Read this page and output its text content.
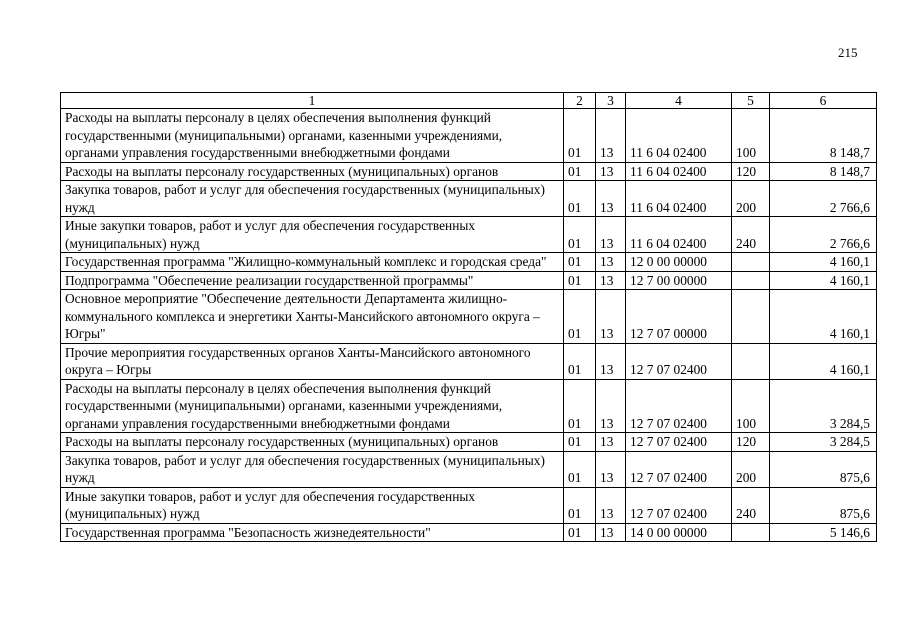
215
1	2	3	4	5	6
Расходы на выплаты персоналу в целях обеспечения выполнения функций государственными (муниципальными) органами, казенными учреждениями, органами управления государственными внебюджетными фондами	01	13	11 6 04 02400	100	8 148,7
Расходы на выплаты персоналу государственных (муниципальных) органов	01	13	11 6 04 02400	120	8 148,7
Закупка товаров, работ и услуг для обеспечения государственных (муниципальных) нужд	01	13	11 6 04 02400	200	2 766,6
Иные закупки товаров, работ и услуг для обеспечения государственных (муниципальных) нужд	01	13	11 6 04 02400	240	2 766,6
Государственная программа "Жилищно-коммунальный комплекс и городская среда"	01	13	12 0 00 00000		4 160,1
Подпрограмма "Обеспечение реализации государственной программы"	01	13	12 7 00 00000		4 160,1
Основное мероприятие "Обеспечение деятельности Департамента жилищно-коммунального комплекса и энергетики Ханты-Мансийского автономного округа – Югры"	01	13	12 7 07 00000		4 160,1
Прочие мероприятия государственных органов Ханты-Мансийского автономного округа – Югры	01	13	12 7 07 02400		4 160,1
Расходы на выплаты персоналу в целях обеспечения выполнения функций государственными (муниципальными) органами, казенными учреждениями, органами управления государственными внебюджетными фондами	01	13	12 7 07 02400	100	3 284,5
Расходы на выплаты персоналу государственных (муниципальных) органов	01	13	12 7 07 02400	120	3 284,5
Закупка товаров, работ и услуг для обеспечения государственных (муниципальных) нужд	01	13	12 7 07 02400	200	875,6
Иные закупки товаров, работ и услуг для обеспечения государственных (муниципальных) нужд	01	13	12 7 07 02400	240	875,6
Государственная программа "Безопасность жизнедеятельности"	01	13	14 0 00 00000		5 146,6
